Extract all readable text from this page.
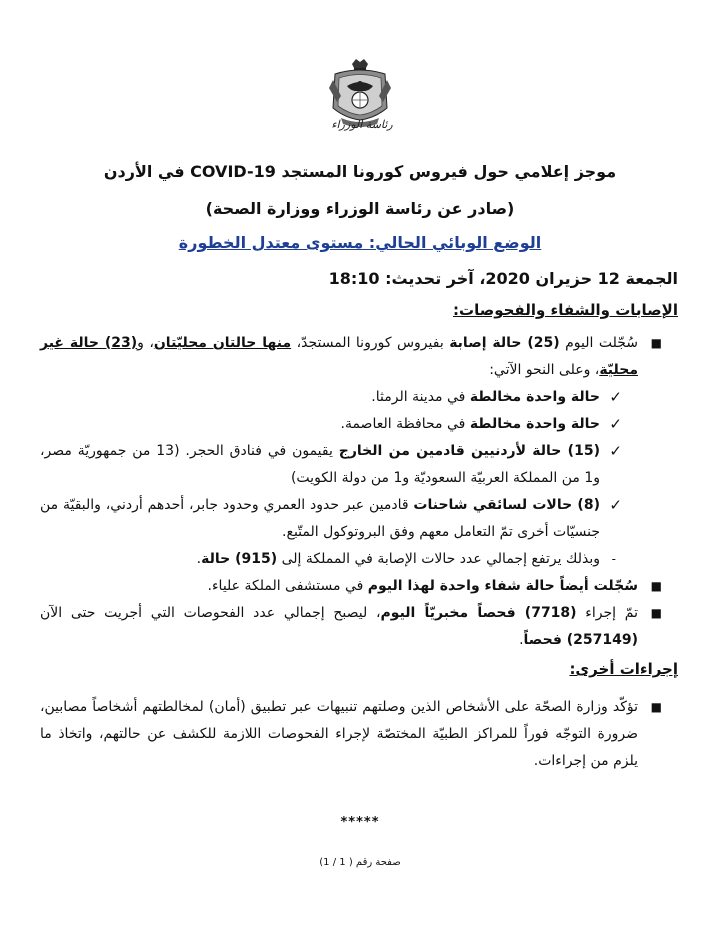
رئاسة الوزراء
موجز إعلامي حول فيروس كورونا المستجد COVID-19 في الأردن
(صادر عن رئاسة الوزراء ووزارة الصحة)
الوضع الوبائي الحالي: مستوى معتدل الخطورة
الجمعة 12 حزيران 2020، آخر تحديث: 18:10
الإصابات والشفاء والفحوصات:
■
سُجّلت اليوم (25) حالة إصابة بفيروس كورونا المستجدّ، منها حالتان محليّتان، و(23) حالة غير محليّة، وعلى النحو الآتي:
✓
حالة واحدة مخالطة في مدينة الرمثا.
✓
حالة واحدة مخالطة في محافظة العاصمة.
✓
(15) حالة لأردنيين قادمين من الخارج يقيمون في فنادق الحجر. (13 من جمهوريّة مصر، و1 من المملكة العربيّة السعوديّة و1 من دولة الكويت)
✓
(8) حالات لسائقي شاحنات قادمين عبر حدود العمري وحدود جابر، أحدهم أردني، والبقيّة من جنسيّات أخرى تمّ التعامل معهم وفق البروتوكول المتّبع.
-
وبذلك يرتفع إجمالي عدد حالات الإصابة في المملكة إلى (915) حالة.
■
سُجّلت أيضاً حالة شفاء واحدة لهذا اليوم في مستشفى الملكة علياء.
■
تمّ إجراء (7718) فحصاً مخبريّاً اليوم، ليصبح إجمالي عدد الفحوصات التي أجريت حتى الآن (257149) فحصاً.
إجراءات أخرى:
■
تؤكّد وزارة الصحّة على الأشخاص الذين وصلتهم تنبيهات عبر تطبيق (أمان) لمخالطتهم أشخاصاً مصابين، ضرورة التوجّه فوراً للمراكز الطبيّة المختصّة لإجراء الفحوصات اللازمة للكشف عن حالتهم، واتخاذ ما يلزم من إجراءات.
*****
صفحة رقم ( 1 / 1)
